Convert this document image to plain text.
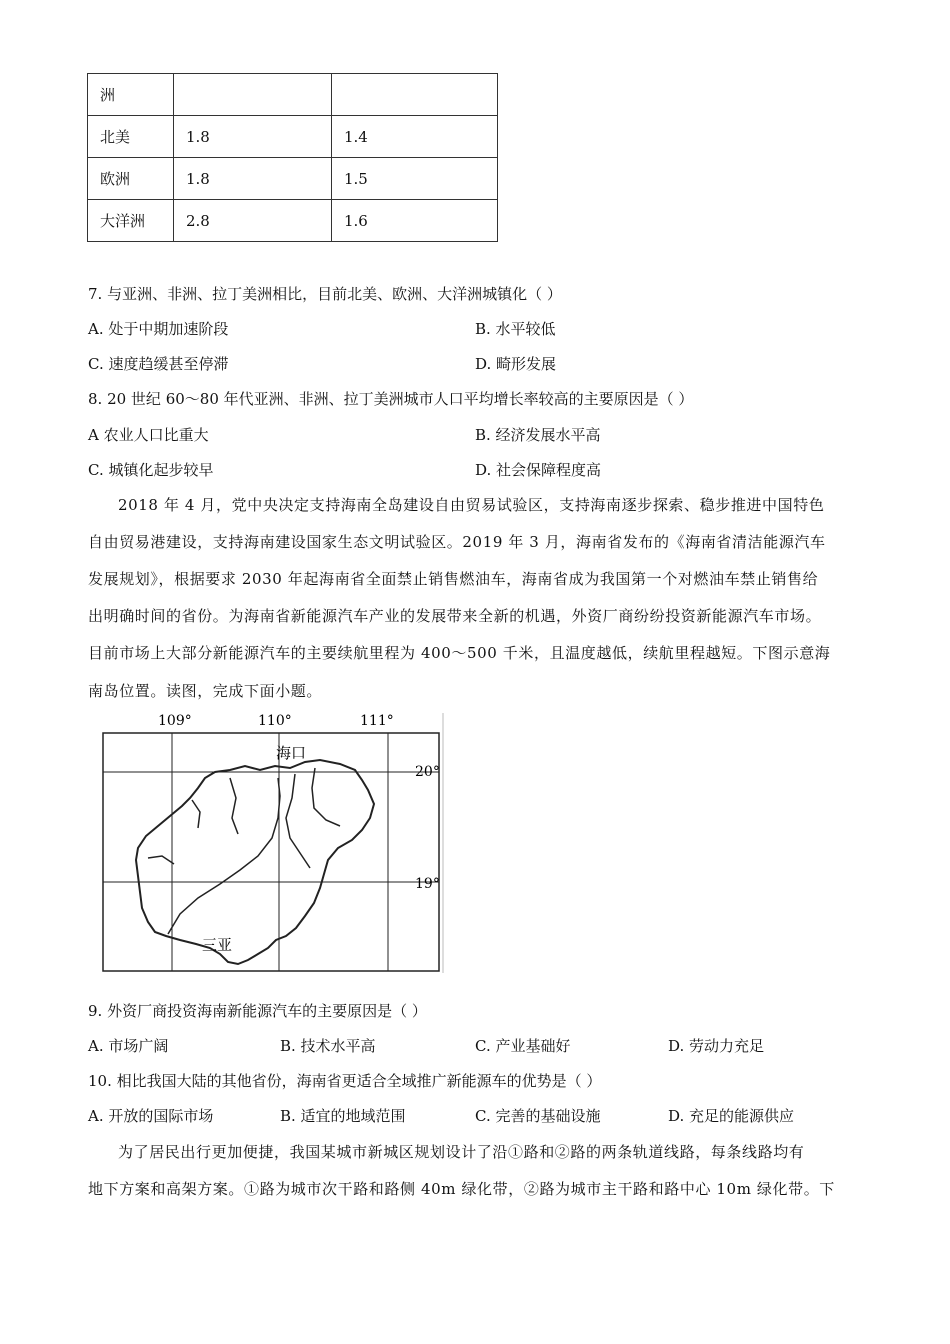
洲		
北美	1.8	1.4
欧洲	1.8	1.5
大洋洲	2.8	1.6
7. 与亚洲、非洲、拉丁美洲相比，目前北美、欧洲、大洋洲城镇化（ ）
A. 处于中期加速阶段	B. 水平较低
C. 速度趋缓甚至停滞	D. 畸形发展
8. 20 世纪 60～80 年代亚洲、非洲、拉丁美洲城市人口平均增长率较高的主要原因是（ ）
A 农业人口比重大	B. 经济发展水平高
C. 城镇化起步较早	D. 社会保障程度高
2018 年 4 月，党中央决定支持海南全岛建设自由贸易试验区，支持海南逐步探索、稳步推进中国特色
自由贸易港建设，支持海南建设国家生态文明试验区。2019 年 3 月，海南省发布的《海南省清洁能源汽车
发展规划》，根据要求 2030 年起海南省全面禁止销售燃油车，海南省成为我国第一个对燃油车禁止销售给
出明确时间的省份。为海南省新能源汽车产业的发展带来全新的机遇，外资厂商纷纷投资新能源汽车市场。
目前市场上大部分新能源汽车的主要续航里程为 400～500 千米，且温度越低，续航里程越短。下图示意海
南岛位置。读图，完成下面小题。
109°	110°	111°
20°
19°
海口
三亚
9. 外资厂商投资海南新能源汽车的主要原因是（ ）
A. 市场广阔	B. 技术水平高	C. 产业基础好	D. 劳动力充足
10. 相比我国大陆的其他省份，海南省更适合全域推广新能源车的优势是（ ）
A. 开放的国际市场	B. 适宜的地域范围	C. 完善的基础设施	D. 充足的能源供应
为了居民出行更加便捷，我国某城市新城区规划设计了沿①路和②路的两条轨道线路，每条线路均有
地下方案和高架方案。①路为城市次干路和路侧 40m 绿化带，②路为城市主干路和路中心 10m 绿化带。下
